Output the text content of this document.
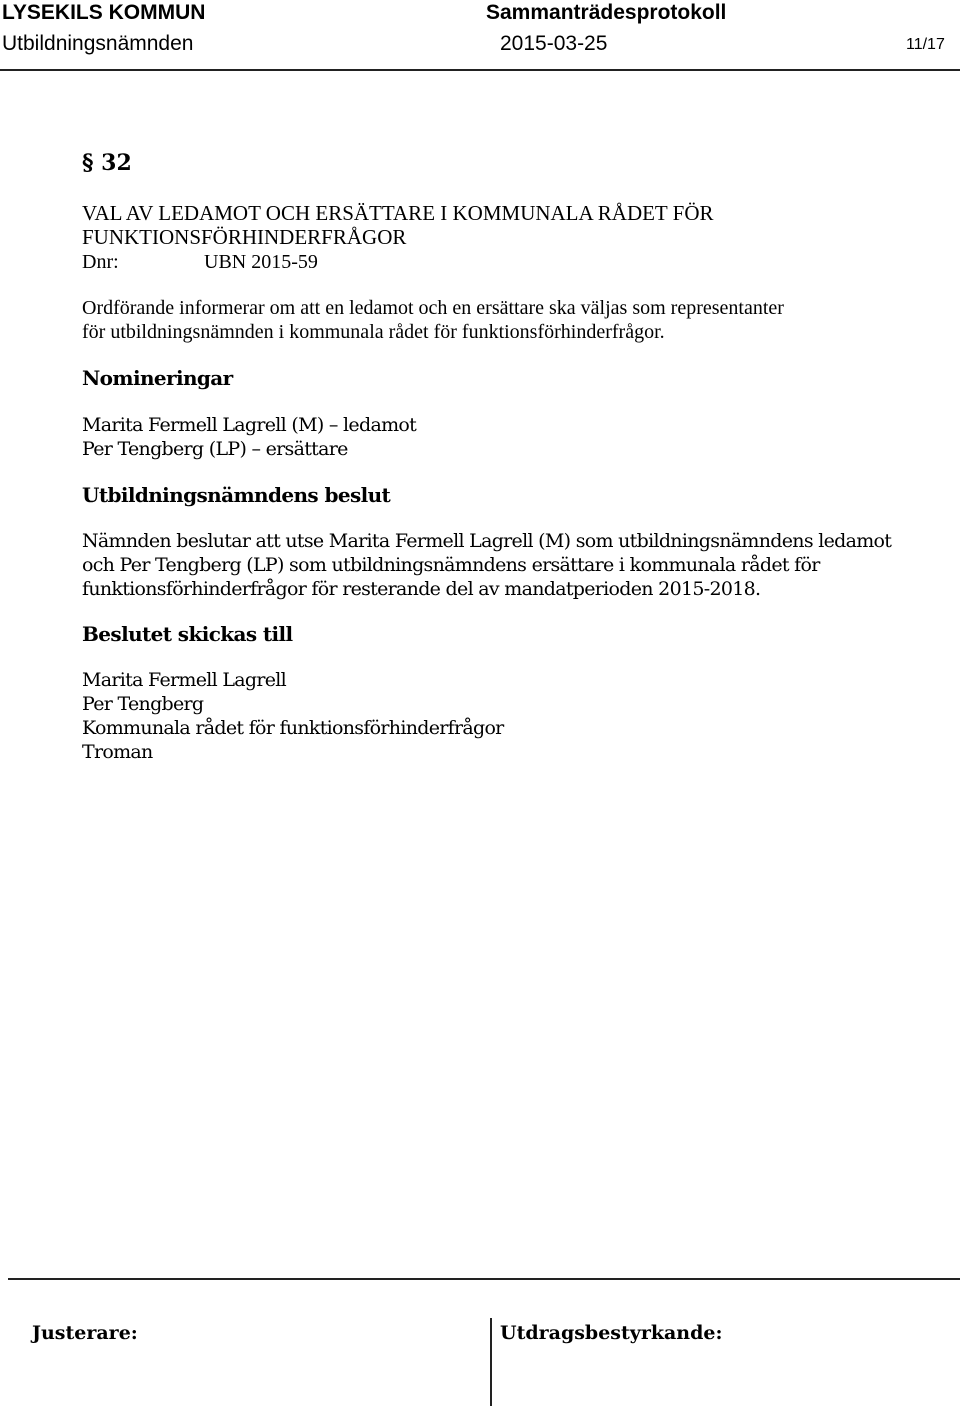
LYSEKILS KOMMUN	Sammanträdesprotokoll
Utbildningsnämnden	2015-03-25	11/17
§ 32
VAL AV LEDAMOT OCH ERSÄTTARE I KOMMUNALA RÅDET FÖR
FUNKTIONSFÖRHINDERFRÅGOR
Dnr:	UBN 2015-59
Ordförande informerar om att en ledamot och en ersättare ska väljas som representanter
för utbildningsnämnden i kommunala rådet för funktionsförhinderfrågor.
Nomineringar
Marita Fermell Lagrell (M) – ledamot
Per Tengberg (LP) – ersättare
Utbildningsnämndens beslut
Nämnden beslutar att utse Marita Fermell Lagrell (M) som utbildningsnämndens ledamot
och Per Tengberg (LP) som utbildningsnämndens ersättare i kommunala rådet för
funktionsförhinderfrågor för resterande del av mandatperioden 2015-2018.
Beslutet skickas till
Marita Fermell Lagrell
Per Tengberg
Kommunala rådet för funktionsförhinderfrågor
Troman
Justerare:	Utdragsbestyrkande:
